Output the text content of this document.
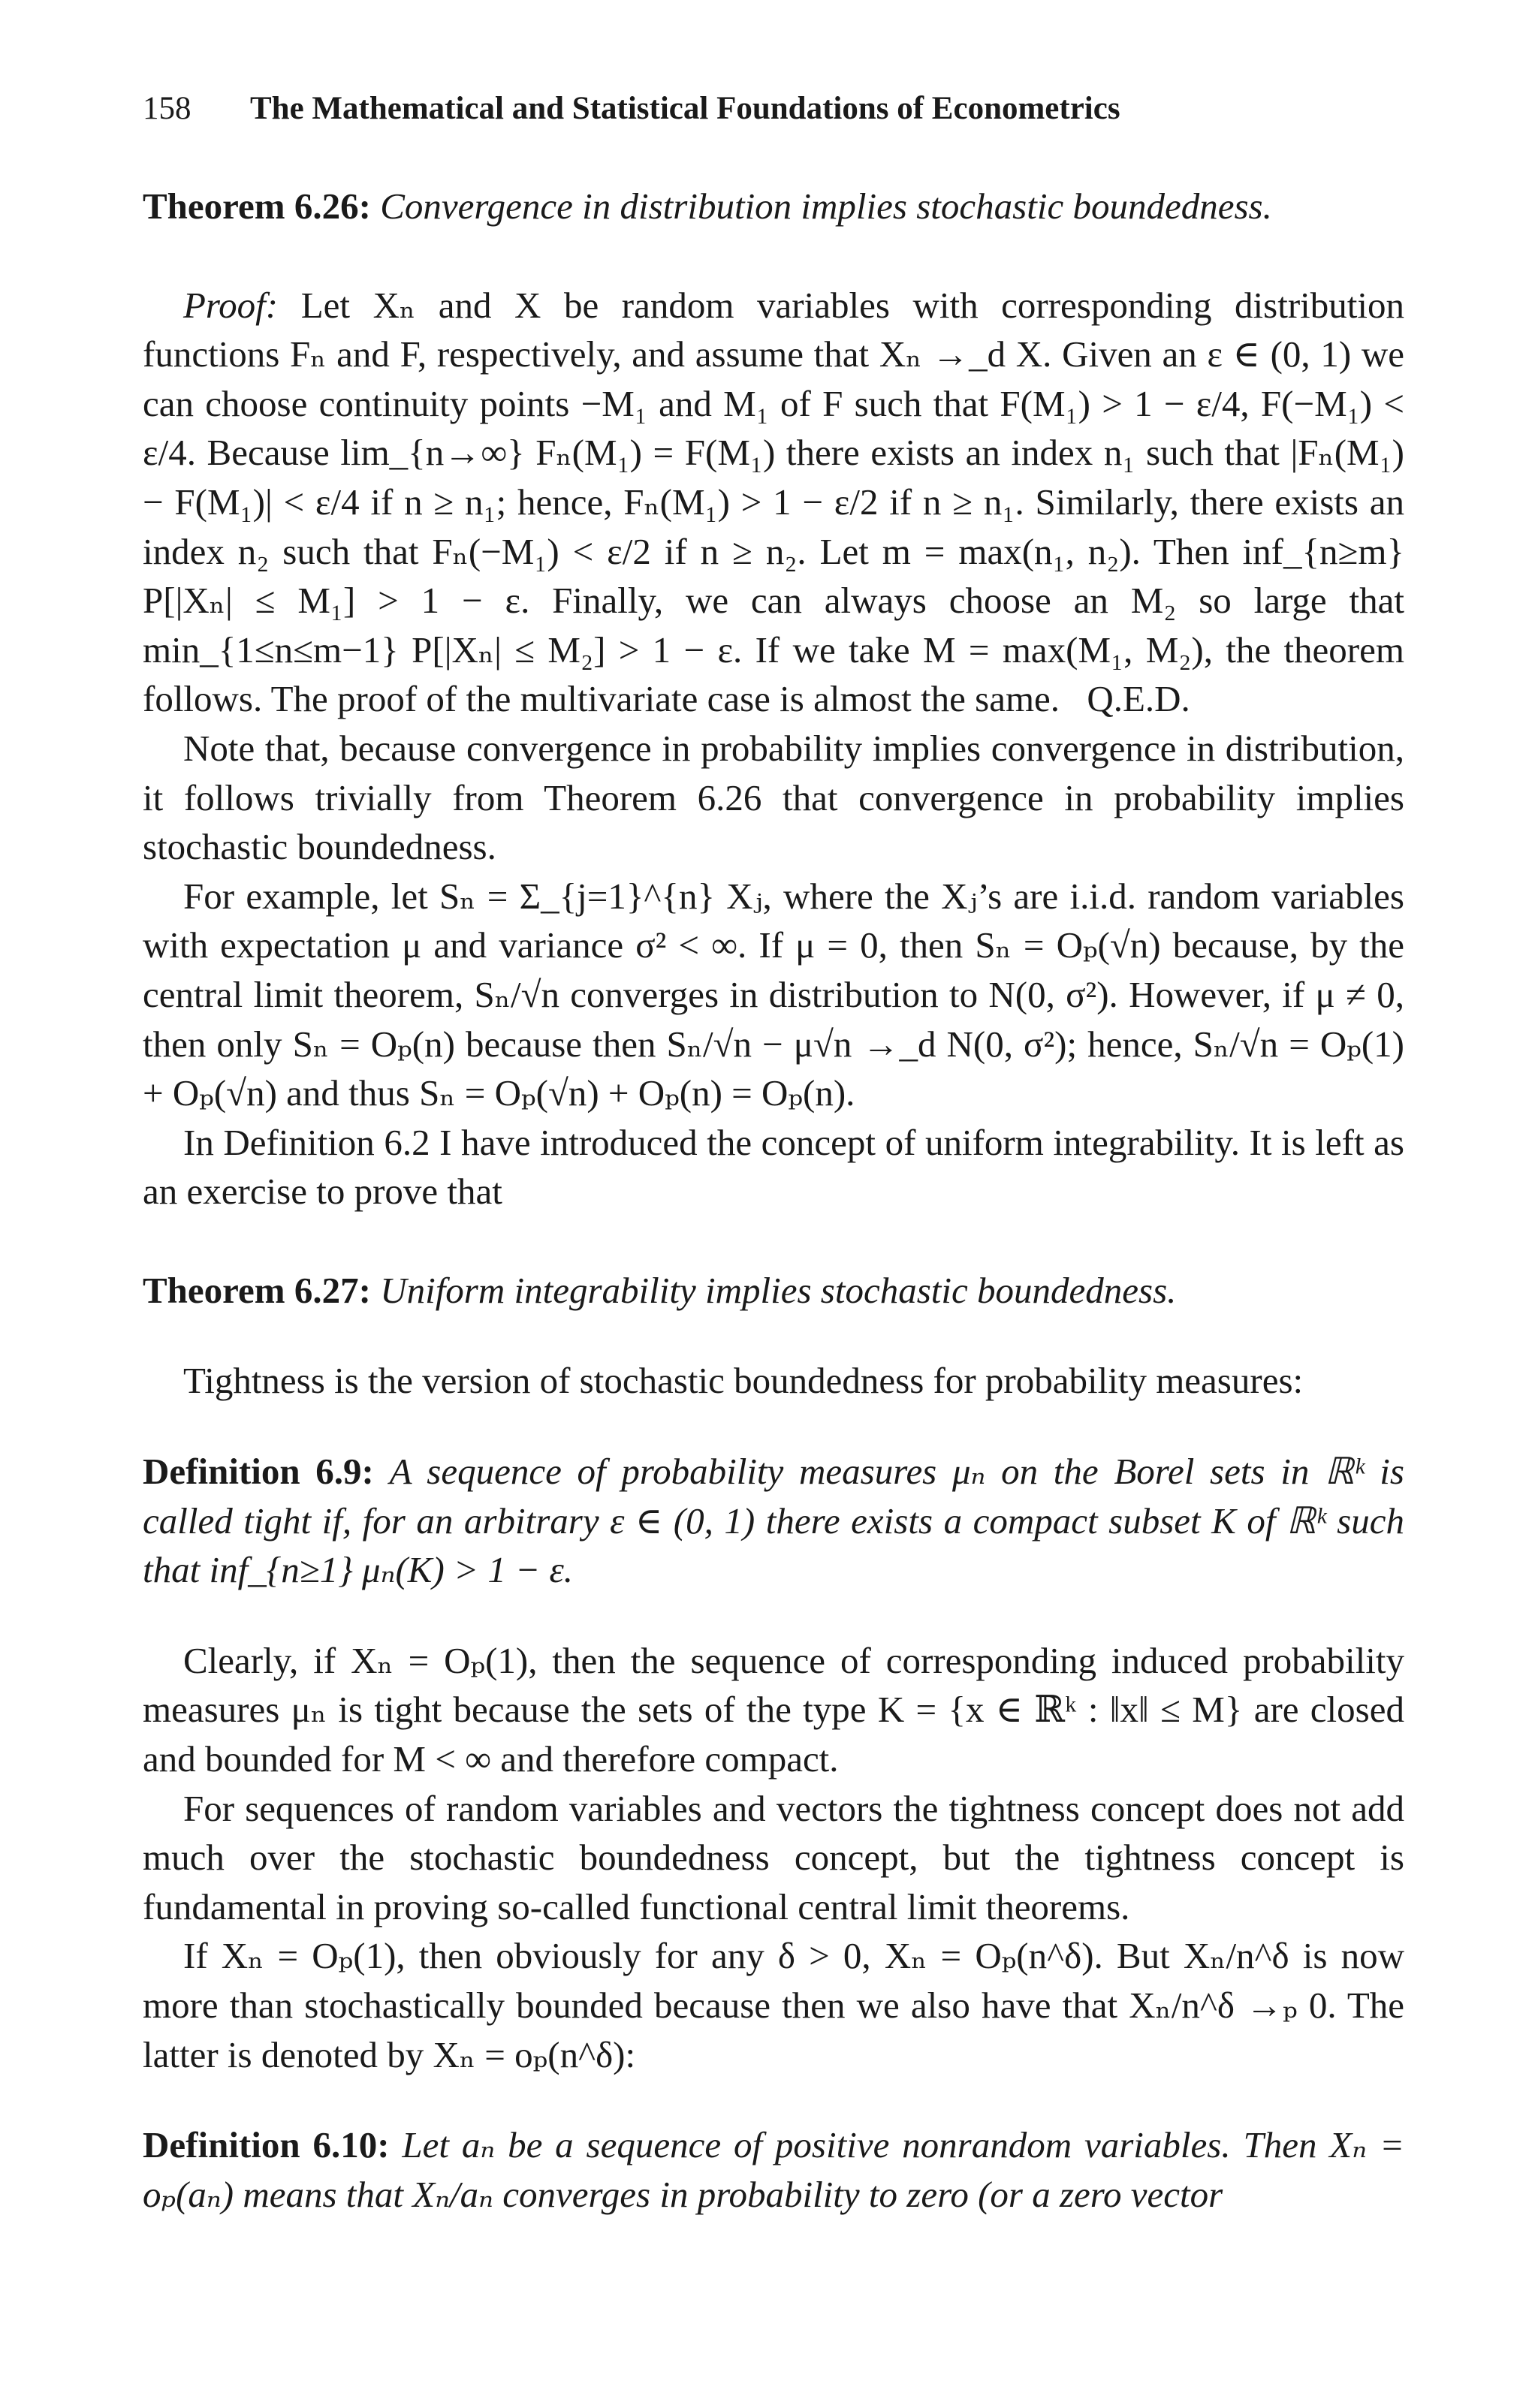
158 The Mathematical and Statistical Foundations of Econometrics

Theorem 6.26: Convergence in distribution implies stochastic boundedness.

Proof: Let Xₙ and X be random variables with corresponding distribution functions Fₙ and F, respectively, and assume that Xₙ →_d X. Given an ε ∈ (0, 1) we can choose continuity points −M₁ and M₁ of F such that F(M₁) > 1 − ε/4, F(−M₁) < ε/4. Because lim_{n→∞} Fₙ(M₁) = F(M₁) there exists an index n₁ such that |Fₙ(M₁) − F(M₁)| < ε/4 if n ≥ n₁; hence, Fₙ(M₁) > 1 − ε/2 if n ≥ n₁. Similarly, there exists an index n₂ such that Fₙ(−M₁) < ε/2 if n ≥ n₂. Let m = max(n₁, n₂). Then inf_{n≥m} P[|Xₙ| ≤ M₁] > 1 − ε. Finally, we can always choose an M₂ so large that min_{1≤n≤m−1} P[|Xₙ| ≤ M₂] > 1 − ε. If we take M = max(M₁, M₂), the theorem follows. The proof of the multivariate case is almost the same. Q.E.D.

Note that, because convergence in probability implies convergence in distribution, it follows trivially from Theorem 6.26 that convergence in probability implies stochastic boundedness.

For example, let Sₙ = Σ_{j=1}^{n} Xⱼ, where the Xⱼ’s are i.i.d. random variables with expectation μ and variance σ² < ∞. If μ = 0, then Sₙ = Oₚ(√n) because, by the central limit theorem, Sₙ/√n converges in distribution to N(0, σ²). However, if μ ≠ 0, then only Sₙ = Oₚ(n) because then Sₙ/√n − μ√n →_d N(0, σ²); hence, Sₙ/√n = Oₚ(1) + Oₚ(√n) and thus Sₙ = Oₚ(√n) + Oₚ(n) = Oₚ(n).

In Definition 6.2 I have introduced the concept of uniform integrability. It is left as an exercise to prove that

Theorem 6.27: Uniform integrability implies stochastic boundedness.

Tightness is the version of stochastic boundedness for probability measures:

Definition 6.9: A sequence of probability measures μₙ on the Borel sets in ℝᵏ is called tight if, for an arbitrary ε ∈ (0, 1) there exists a compact subset K of ℝᵏ such that inf_{n≥1} μₙ(K) > 1 − ε.

Clearly, if Xₙ = Oₚ(1), then the sequence of corresponding induced probability measures μₙ is tight because the sets of the type K = {x ∈ ℝᵏ : ‖x‖ ≤ M} are closed and bounded for M < ∞ and therefore compact.

For sequences of random variables and vectors the tightness concept does not add much over the stochastic boundedness concept, but the tightness concept is fundamental in proving so-called functional central limit theorems.

If Xₙ = Oₚ(1), then obviously for any δ > 0, Xₙ = Oₚ(n^δ). But Xₙ/n^δ is now more than stochastically bounded because then we also have that Xₙ/n^δ →ₚ 0. The latter is denoted by Xₙ = oₚ(n^δ):

Definition 6.10: Let aₙ be a sequence of positive nonrandom variables. Then Xₙ = oₚ(aₙ) means that Xₙ/aₙ converges in probability to zero (or a zero vector
